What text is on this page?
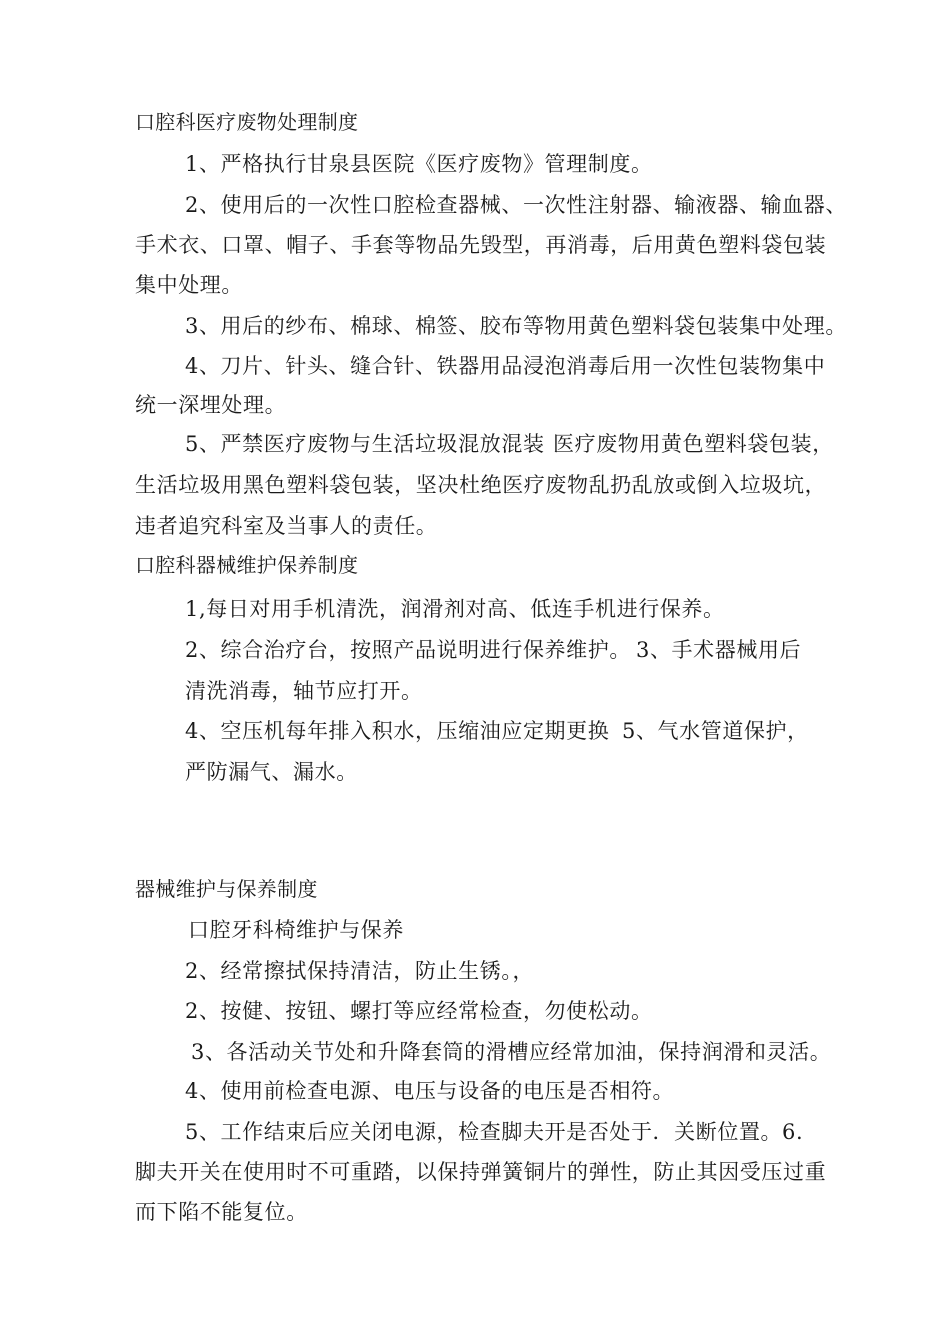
口腔科医疗废物处理制度
1、严格执行甘泉县医院《医疗废物》管理制度。
2、使用后的一次性口腔检查器械、一次性注射器、输液器、输血器、
手术衣、口罩、帽子、手套等物品先毁型，再消毒，后用黄色塑料袋包装
集中处理。
3、用后的纱布、棉球、棉签、胶布等物用黄色塑料袋包装集中处理。
4、刀片、针头、缝合针、铁器用品浸泡消毒后用一次性包装物集中
统一深埋处理。
5、严禁医疗废物与生活垃圾混放混装 医疗废物用黄色塑料袋包装，
生活垃圾用黑色塑料袋包装，坚决杜绝医疗废物乱扔乱放或倒入垃圾坑，
违者追究科室及当事人的责任。
口腔科器械维护保养制度
1,每日对用手机清洗，润滑剂对高、低连手机进行保养。
2、综合治疗台，按照产品说明进行保养维护。 3、手术器械用后
清洗消毒，轴节应打开。
4、空压机每年排入积水，压缩油应定期更换 5、气水管道保护，
严防漏气、漏水。
器械维护与保养制度
口腔牙科椅维护与保养
2、经常擦拭保持清洁，防止生锈。，
2、按健、按钮、螺打等应经常检查，勿使松动。
3、各活动关节处和升降套筒的滑槽应经常加油，保持润滑和灵活。
4、使用前检查电源、电压与设备的电压是否相符。
5、工作结束后应关闭电源，检查脚夫开是否处于．关断位置。 6.
脚夫开关在使用时不可重踏，以保持弹簧铜片的弹性，防止其因受压过重
而下陷不能复位。
